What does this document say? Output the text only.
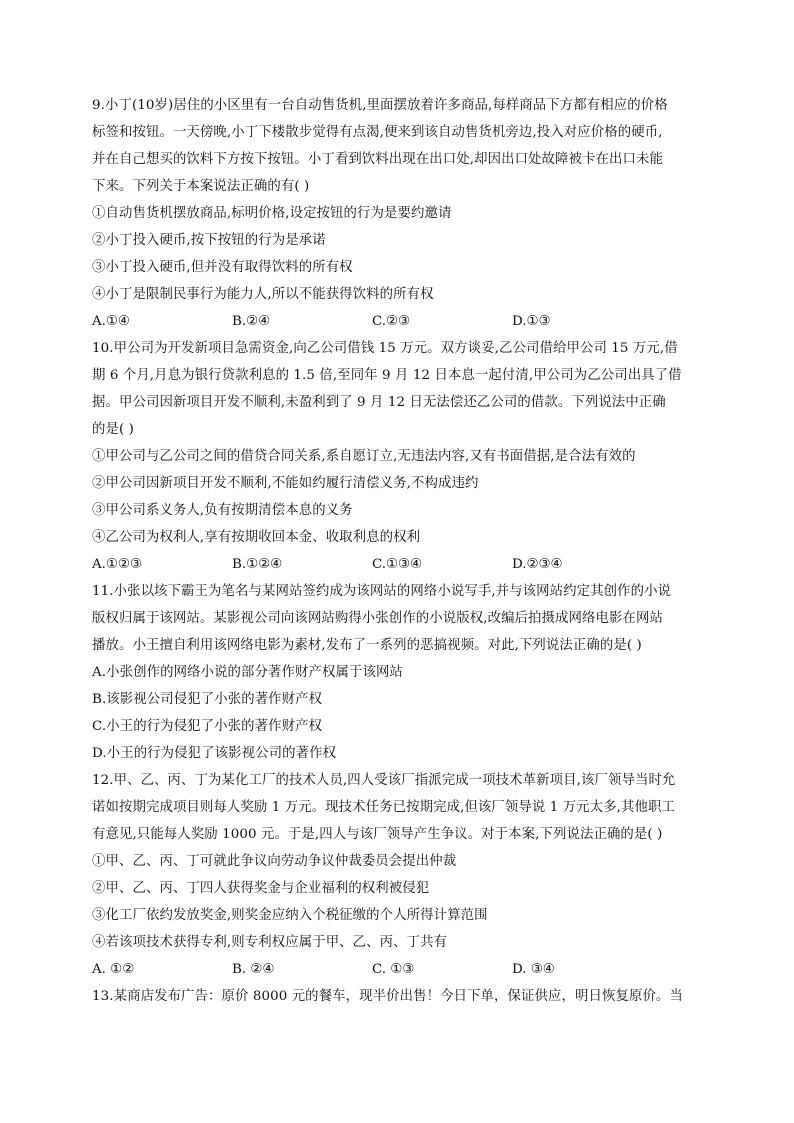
9.小丁(10岁)居住的小区里有一台自动售货机,里面摆放着许多商品,每样商品下方都有相应的价格
标签和按钮。一天傍晚,小丁下楼散步觉得有点渴,便来到该自动售货机旁边,投入对应价格的硬币,
并在自己想买的饮料下方按下按钮。小丁看到饮料出现在出口处,却因出口处故障被卡在出口未能
下来。下列关于本案说法正确的有( )
①自动售货机摆放商品,标明价格,设定按钮的行为是要约邀请
②小丁投入硬币,按下按钮的行为是承诺
③小丁投入硬币,但并没有取得饮料的所有权
④小丁是限制民事行为能力人,所以不能获得饮料的所有权
A.①④	B.②④	C.②③	D.①③
10.甲公司为开发新项目急需资金,向乙公司借钱 15 万元。双方谈妥,乙公司借给甲公司 15 万元,借
期 6 个月,月息为银行贷款利息的 1.5 倍,至同年 9 月 12 日本息一起付清,甲公司为乙公司出具了借
据。甲公司因新项目开发不顺利,未盈利到了 9 月 12 日无法偿还乙公司的借款。下列说法中正确
的是( )
①甲公司与乙公司之间的借贷合同关系,系自愿订立,无违法内容,又有书面借据,是合法有效的
②甲公司因新项目开发不顺利,不能如约履行清偿义务,不构成违约
③甲公司系义务人,负有按期清偿本息的义务
④乙公司为权利人,享有按期收回本金、收取利息的权利
A.①②③	B.①②④	C.①③④	D.②③④
11.小张以垓下霸王为笔名与某网站签约成为该网站的网络小说写手,并与该网站约定其创作的小说
版权归属于该网站。某影视公司向该网站购得小张创作的小说版权,改编后拍摄成网络电影在网站
播放。小王擅自利用该网络电影为素材,发布了一系列的恶搞视频。对此,下列说法正确的是( )
A.小张创作的网络小说的部分著作财产权属于该网站
B.该影视公司侵犯了小张的著作财产权
C.小王的行为侵犯了小张的著作财产权
D.小王的行为侵犯了该影视公司的著作权
12.甲、乙、丙、丁为某化工厂的技术人员,四人受该厂指派完成一项技术革新项目,该厂领导当时允
诺如按期完成项目则每人奖励 1 万元。现技术任务已按期完成,但该厂领导说 1 万元太多,其他职工
有意见,只能每人奖励 1000 元。于是,四人与该厂领导产生争议。对于本案,下列说法正确的是( )
①甲、乙、丙、丁可就此争议向劳动争议仲裁委员会提出仲裁
②甲、乙、丙、丁四人获得奖金与企业福利的权利被侵犯
③化工厂依约发放奖金,则奖金应纳入个税征缴的个人所得计算范围
④若该项技术获得专利,则专利权应属于甲、乙、丙、丁共有
A. ①②	B. ②④	C. ①③	D. ③④
13.某商店发布广告：原价 8000 元的餐车，现半价出售！今日下单，保证供应，明日恢复原价。当
